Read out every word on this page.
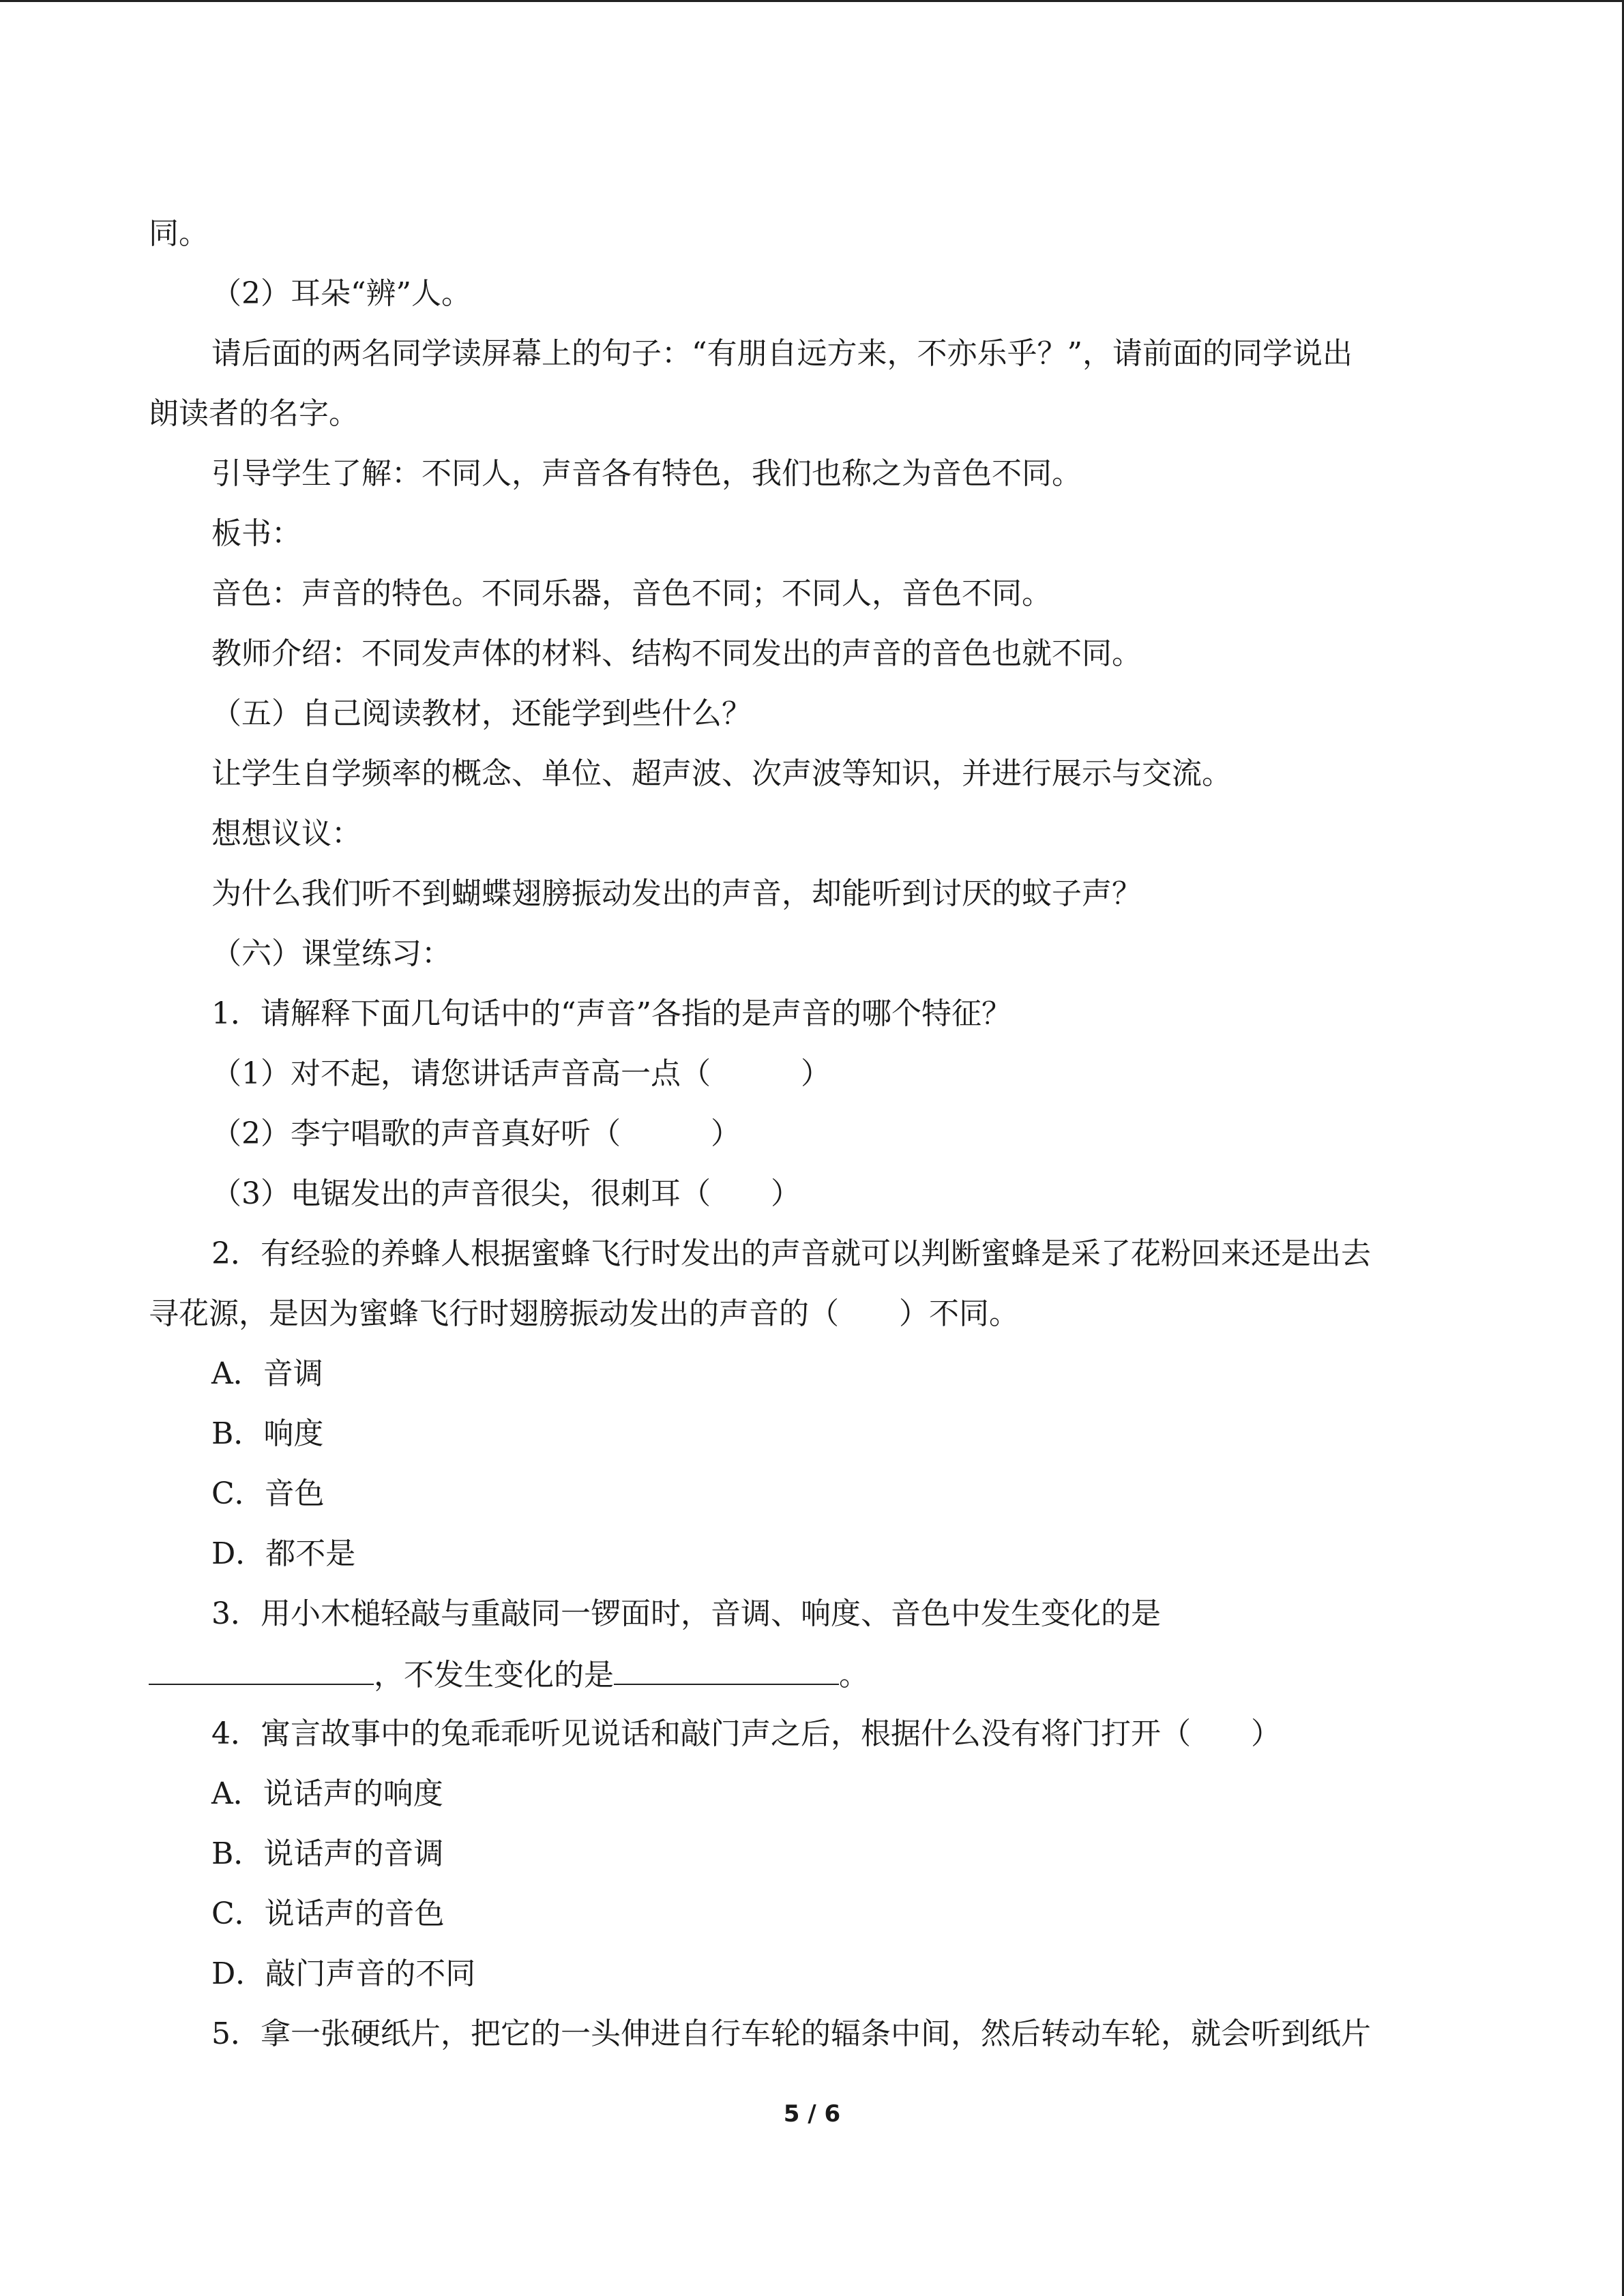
同。
（2）耳朵“辨”人。
请后面的两名同学读屏幕上的句子：“有朋自远方来，不亦乐乎？”，请前面的同学说出
朗读者的名字。
引导学生了解：不同人，声音各有特色，我们也称之为音色不同。
板书：
音色：声音的特色。不同乐器，音色不同；不同人，音色不同。
教师介绍：不同发声体的材料、结构不同发出的声音的音色也就不同。
（五）自己阅读教材，还能学到些什么？
让学生自学频率的概念、单位、超声波、次声波等知识，并进行展示与交流。
想想议议：
为什么我们听不到蝴蝶翅膀振动发出的声音，却能听到讨厌的蚊子声？
（六）课堂练习：
1．请解释下面几句话中的“声音”各指的是声音的哪个特征？
（1）对不起，请您讲话声音高一点（　　　）
（2）李宁唱歌的声音真好听（　　　）
（3）电锯发出的声音很尖，很刺耳（　　）
2．有经验的养蜂人根据蜜蜂飞行时发出的声音就可以判断蜜蜂是采了花粉回来还是出去
寻花源，是因为蜜蜂飞行时翅膀振动发出的声音的（　　）不同。
A．音调
B．响度
C．音色
D．都不是
3．用小木槌轻敲与重敲同一锣面时，音调、响度、音色中发生变化的是
，不发生变化的是	。
4．寓言故事中的兔乖乖听见说话和敲门声之后，根据什么没有将门打开（　　）
A．说话声的响度
B．说话声的音调
C．说话声的音色
D．敲门声音的不同
5．拿一张硬纸片，把它的一头伸进自行车轮的辐条中间，然后转动车轮，就会听到纸片
5 / 6
